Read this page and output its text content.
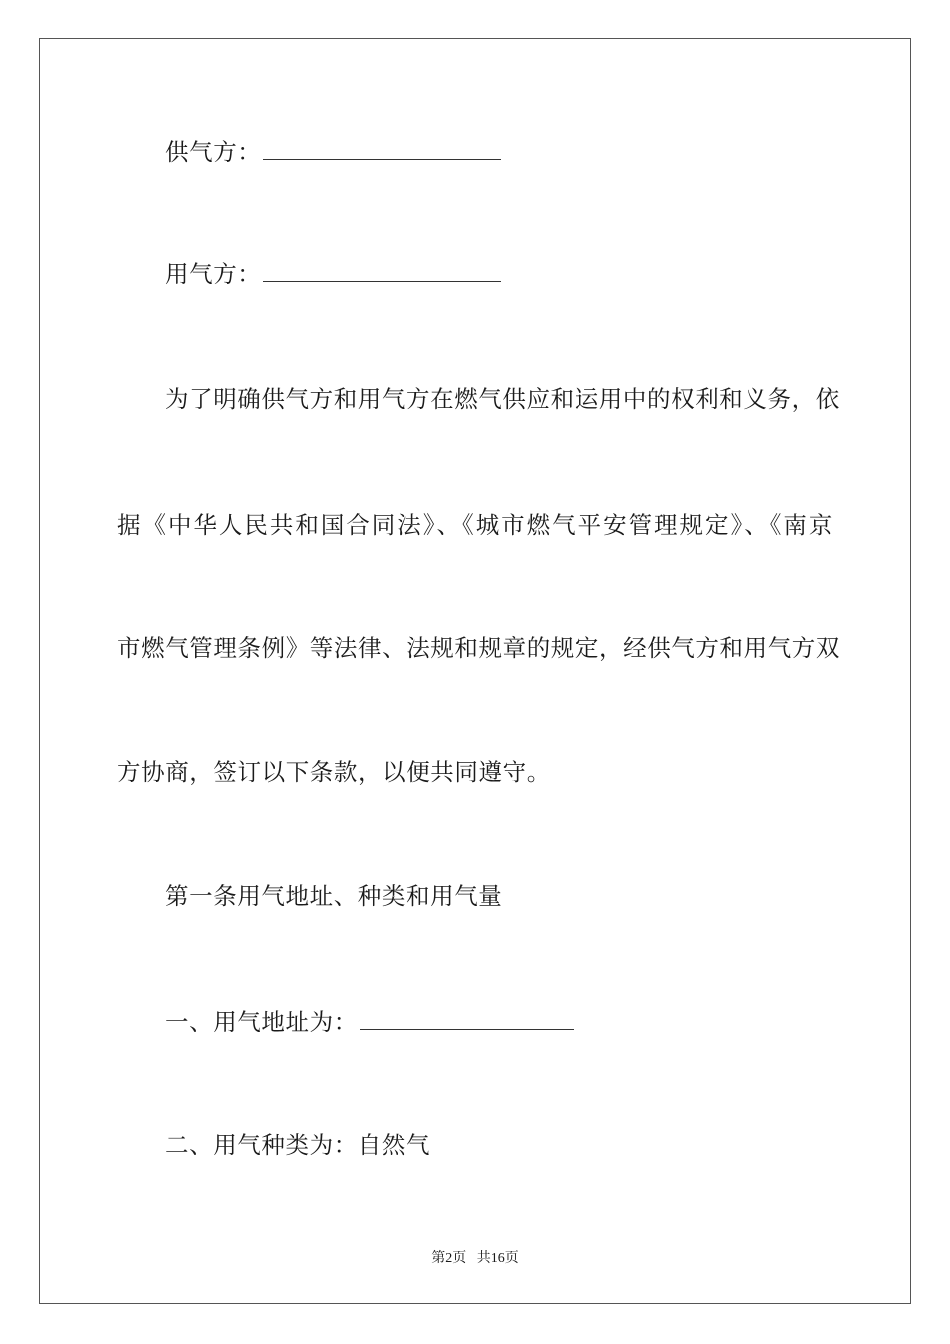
供气方：
用气方：
为了明确供气方和用气方在燃气供应和运用中的权利和义务，依
据《中华人民共和国合同法》、《城市燃气平安管理规定》、《南京
市燃气管理条例》等法律、法规和规章的规定，经供气方和用气方双
方协商，签订以下条款，以便共同遵守。
第一条用气地址、种类和用气量
一、用气地址为：
二、用气种类为：自然气
第2页   共16页
